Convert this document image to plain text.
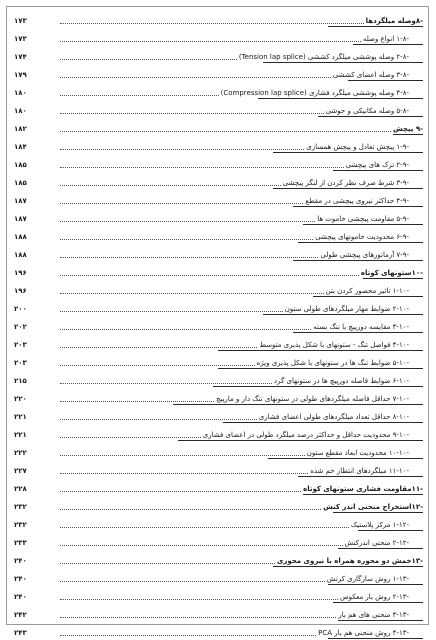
-۸وصله میلگردها
۱۷۳
-۱-۸ انواع وصله
۱۷۳
-۲-۸ وصله پوششی میلگرد کششی (Tension lap splice)
۱۷۴
-۳-۸ وصله اعضای کششی
۱۷۹
-۴-۸ وصله پوششی میلگرد فشاری (Compression lap splice)
۱۸۰
-۵-۸ وصله مکانیکی و جوشی
۱۸۰
-۹ پیچش
۱۸۲
-۱-۹ پیچش تعادل و پیچش همسازی
۱۸۴
-۲-۹ ترک های پیچشی
۱۸۵
-۳-۹ شرط صرف نظر کردن از لنگر پیچشی
۱۸۵
-۴-۹ حداکثر نیروی پیچشی در مقطع
۱۸۷
-۵-۹ مقاومت پیچشی خاموت ها
۱۸۷
-۶-۹ محدودیت خاموتهای پیچشی
۱۸۸
-۷-۹ آرماتورهای پیچشی طولی
۱۸۸
-۱۰ستونهای کوتاه
۱۹۶
-۱-۱۰ تاثیر محصور کردن بتن
۱۹۶
-۲-۱۰ ضوابط مهار میلگردهای طولی ستون
۲۰۰
-۳-۱۰ مقایسه دورپیچ با تنگ بسته
۲۰۲
-۴-۱۰ فواصل تنگ - ستونهای با شکل پذیری متوسط
۲۰۳
-۵-۱۰ ضوابط تنگ ها در ستونهای با شکل پذیری ویژه
۲۰۳
-۶-۱۰ ضوابط فاصله دورپیچ ها در ستونهای گرد
۲۱۵
-۷-۱۰ حداقل فاصله میلگردهای طولی در ستونهای تنگ دار و مارپیچ
۲۲۰
-۸-۱۰ حداقل تعداد میلگردهای طولی اعضای فشاری
۲۲۱
-۹-۱۰ محدودیت حداقل و حداکثر درصد میلگرد طولی در اعضای فشاری
۲۲۱
-۱۰-۱۰ محدودیت ابعاد مقطع ستون
۲۲۲
-۱۱-۱۰ میلگردهای انتظار خم شده
۲۲۷
-۱۱مقاومت فشاری ستونهای کوتاه
۲۲۸
-۱۲استخراج منحنی اندر کنش
۲۳۲
-۱-۱۲ مرکز پلاستیک
۲۳۲
-۲-۱۲ منحنی اندرکنش
۲۳۳
-۱۳خمش دو محوره همراه با نیروی محوری
۲۴۰
-۱-۱۳ روش سازگاری کرنش
۲۴۰
-۲-۱۳ روش بار معکوس
۲۴۰
-۳-۱۳ منحنی های هم بار
۲۴۲
-۴-۱۳ روش منحنی هم بار PCA
۲۴۳
